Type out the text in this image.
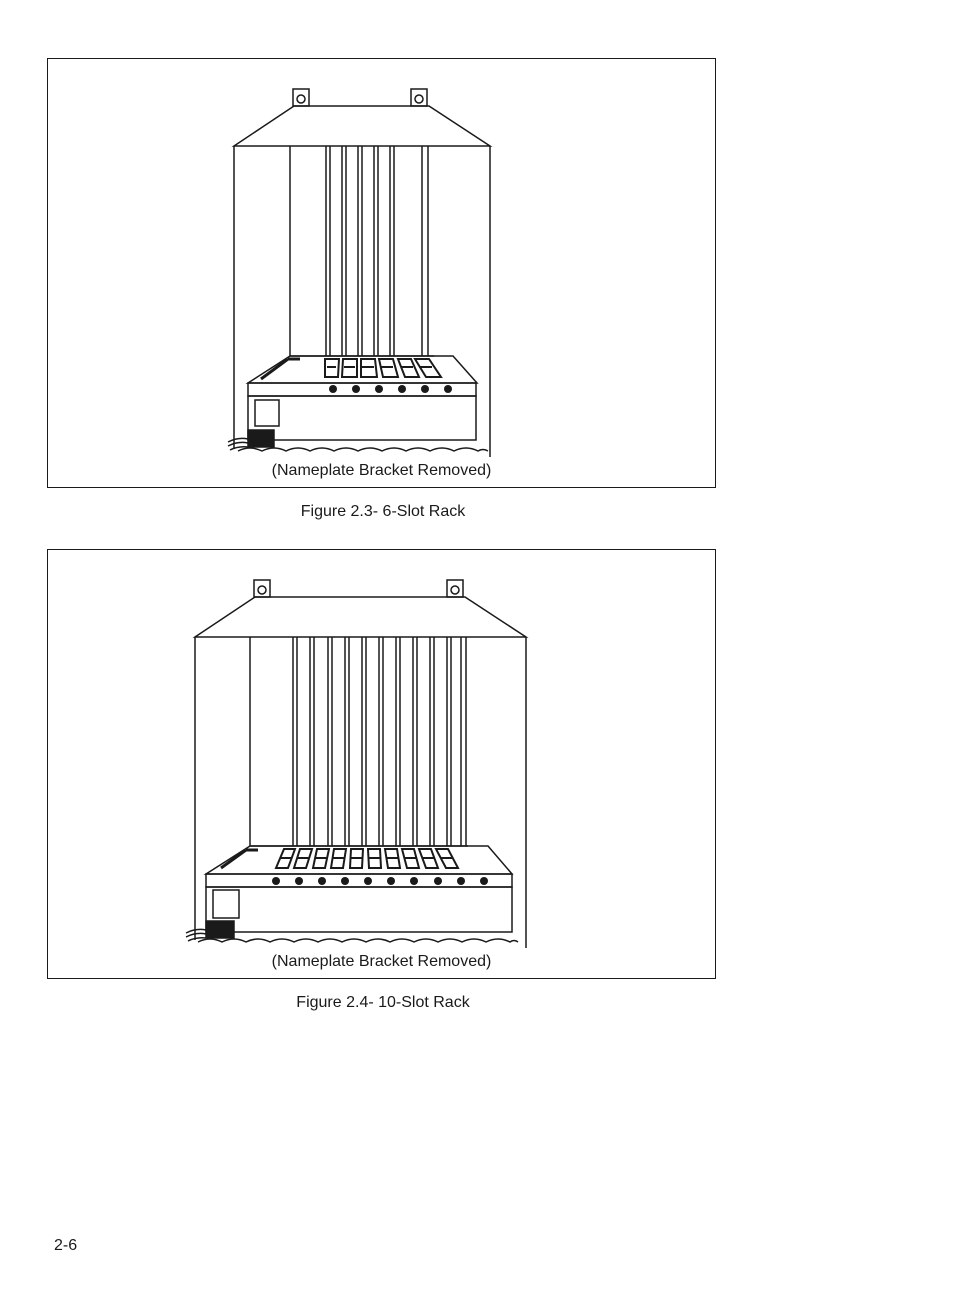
(Nameplate Bracket Removed)
Figure 2.3- 6-Slot Rack
(Nameplate Bracket Removed)
Figure 2.4- 10-Slot Rack
2-6
